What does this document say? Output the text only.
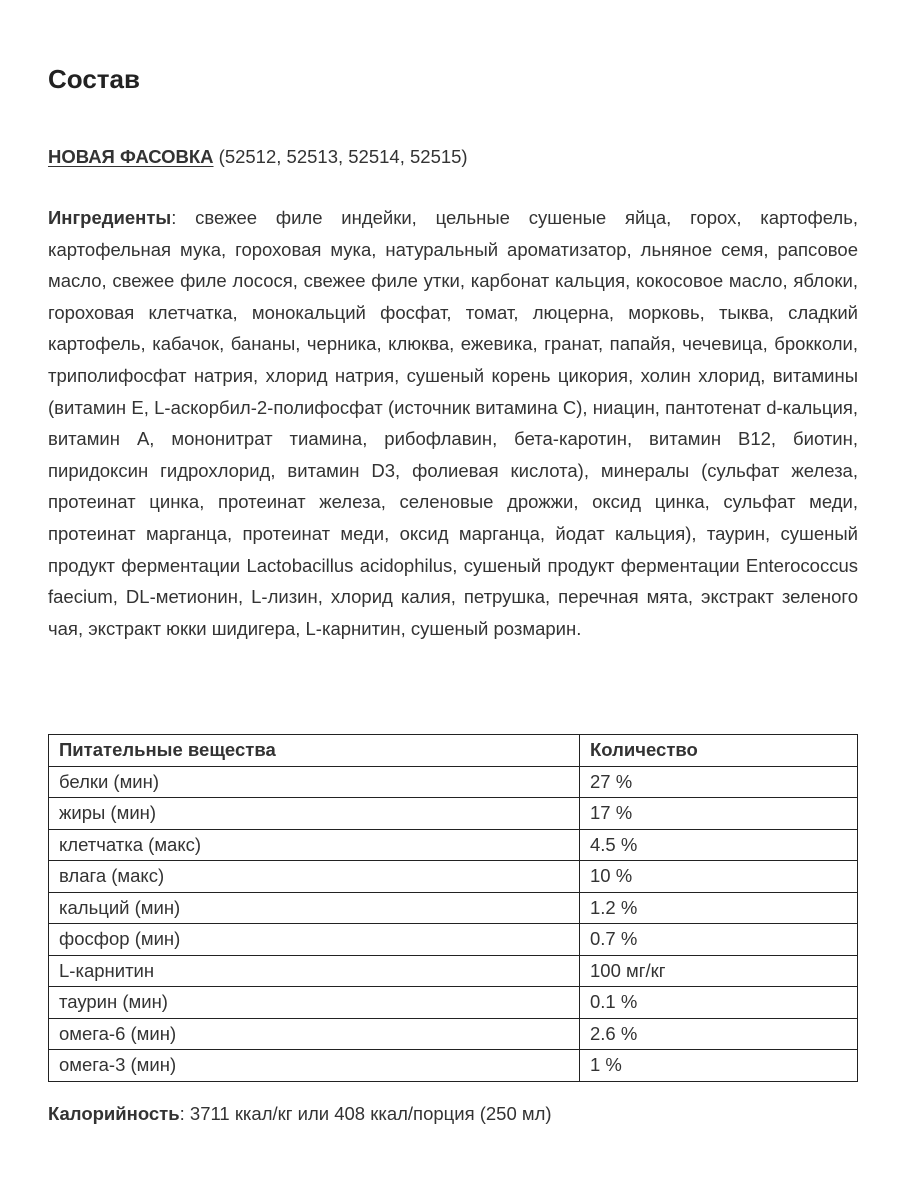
Состав
НОВАЯ ФАСОВКА (52512, 52513, 52514, 52515)

Ингредиенты: свежее филе индейки, цельные сушеные яйца, горох, картофель, картофельная мука, гороховая мука, натуральный ароматизатор, льняное семя, рапсовое масло, свежее филе лосося, свежее филе утки, карбонат кальция, кокосовое масло, яблоки, гороховая клетчатка, монокальций фосфат, томат, люцерна, морковь, тыква, сладкий картофель, кабачок, бананы, черника, клюква, ежевика, гранат, папайя, чечевица, брокколи, триполифосфат натрия, хлорид натрия, сушеный корень цикория, холин хлорид, витамины (витамин Е, L-аскорбил-2-полифосфат (источник витамина С), ниацин, пантотенат d-кальция, витамин А, мононитрат тиамина, рибофлавин, бета-каротин, витамин В12, биотин, пиридоксин гидрохлорид, витамин D3, фолиевая кислота), минералы (сульфат железа, протеинат цинка, протеинат железа, селеновые дрожжи, оксид цинка, сульфат меди, протеинат марганца, протеинат меди, оксид марганца, йодат кальция), таурин, сушеный продукт ферментации Lactobacillus acidophilus, сушеный продукт ферментации Enterococcus faecium, DL-метионин, L-лизин, хлорид калия, петрушка, перечная мята, экстракт зеленого чая, экстракт юкки шидигера, L-карнитин, сушеный розмарин.

Питательные вещества	Количество
белки (мин)	27 %
жиры (мин)	17 %
клетчатка (макс)	4.5 %
влага (макс)	10 %
кальций (мин)	1.2 %
фосфор (мин)	0.7 %
L-карнитин	100 мг/кг
таурин (мин)	0.1 %
омега-6 (мин)	2.6 %
омега-3 (мин)	1 %
Калорийность: 3711 ккал/кг или 408 ккал/порция (250 мл)
